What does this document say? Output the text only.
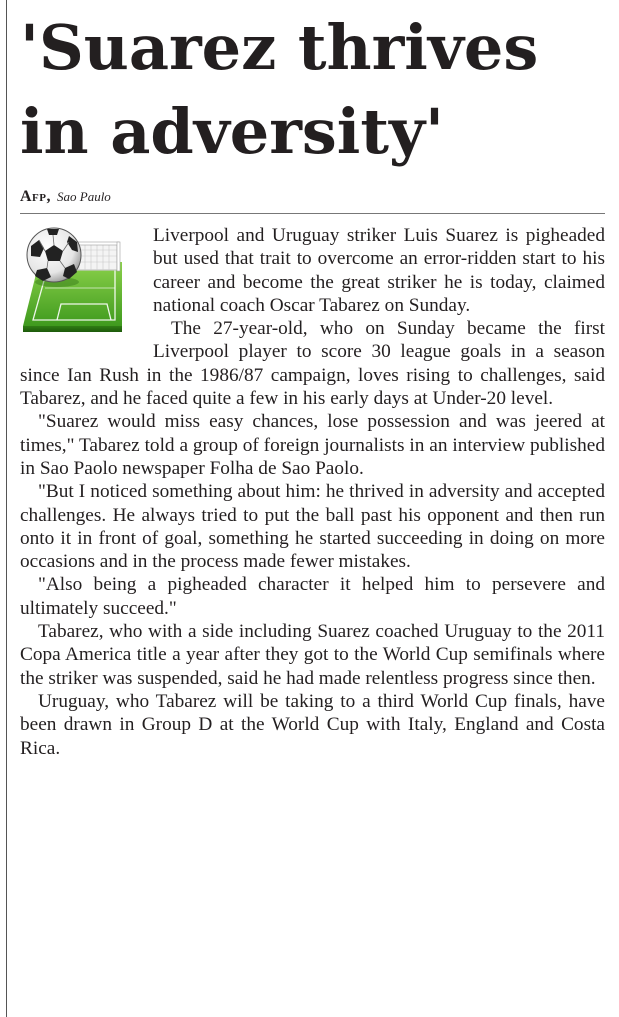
'Suarez thrives
in adversity'
Afp, Sao Paulo

Liverpool and Uruguay striker Luis Suarez is pigheaded but used that trait to overcome an error-ridden start to his career and become the great striker he is today, claimed national coach Oscar Tabarez on Sunday.

The 27-year-old, who on Sunday became the first Liverpool player to score 30 league goals in a season since Ian Rush in the 1986/87 campaign, loves rising to challenges, said Tabarez, and he faced quite a few in his early days at Under-20 level.

"Suarez would miss easy chances, lose possession and was jeered at times," Tabarez told a group of foreign journalists in an interview published in Sao Paolo newspaper Folha de Sao Paolo.

"But I noticed something about him: he thrived in adversity and accepted challenges. He always tried to put the ball past his opponent and then run onto it in front of goal, something he started succeeding in doing on more occasions and in the process made fewer mistakes.

"Also being a pigheaded character it helped him to persevere and ultimately succeed."

Tabarez, who with a side including Suarez coached Uruguay to the 2011 Copa America title a year after they got to the World Cup semifinals where the striker was suspended, said he had made relentless progress since then.

Uruguay, who Tabarez will be taking to a third World Cup finals, have been drawn in Group D at the World Cup with Italy, England and Costa Rica.
